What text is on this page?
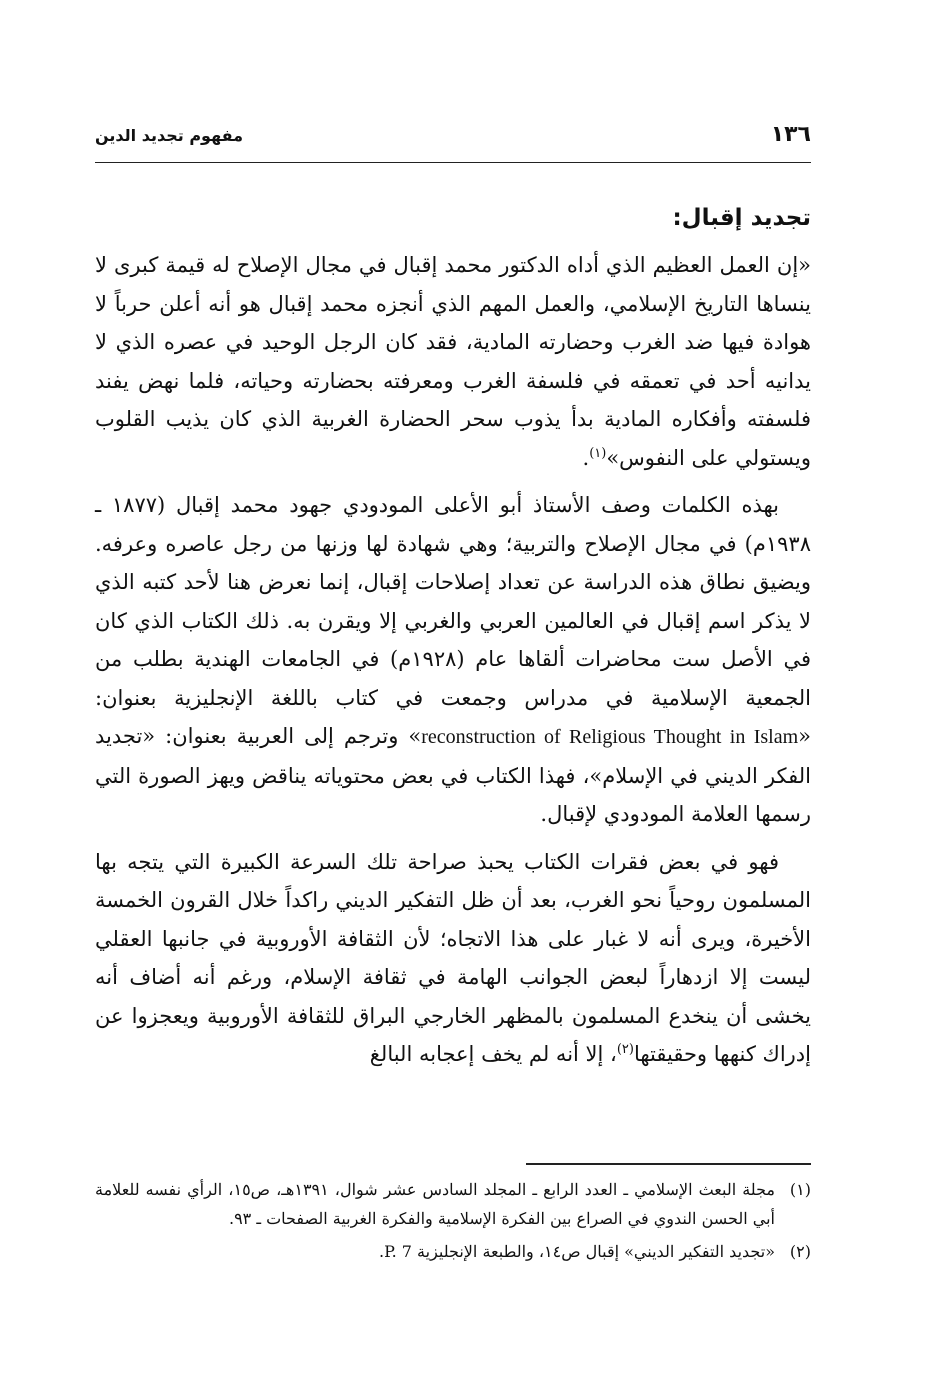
١٣٦
مفهوم تجديد الدين
تجديد إقبال:

«إن العمل العظيم الذي أداه الدكتور محمد إقبال في مجال الإصلاح له قيمة كبرى لا ينساها التاريخ الإسلامي، والعمل المهم الذي أنجزه محمد إقبال هو أنه أعلن حرباً لا هوادة فيها ضد الغرب وحضارته المادية، فقد كان الرجل الوحيد في عصره الذي لا يدانيه أحد في تعمقه في فلسفة الغرب ومعرفته بحضارته وحياته، فلما نهض يفند فلسفته وأفكاره المادية بدأ يذوب سحر الحضارة الغربية الذي كان يذيب القلوب ويستولي على النفوس»$^{(١)}$.

بهذه الكلمات وصف الأستاذ أبو الأعلى المودودي جهود محمد إقبال (١٨٧٧ ـ ١٩٣٨م) في مجال الإصلاح والتربية؛ وهي شهادة لها وزنها من رجل عاصره وعرفه. ويضيق نطاق هذه الدراسة عن تعداد إصلاحات إقبال، إنما نعرض هنا لأحد كتبه الذي لا يذكر اسم إقبال في العالمين العربي والغربي إلا ويقرن به. ذلك الكتاب الذي كان في الأصل ست محاضرات ألقاها عام (١٩٢٨م) في الجامعات الهندية بطلب من الجمعية الإسلامية في مدراس وجمعت في كتاب باللغة الإنجليزية بعنوان: «reconstruction of Religious Thought in Islam» وترجم إلى العربية بعنوان: «تجديد الفكر الديني في الإسلام»، فهذا الكتاب في بعض محتوياته يناقض ويهز الصورة التي رسمها العلامة المودودي لإقبال.

فهو في بعض فقرات الكتاب يحبذ صراحة تلك السرعة الكبيرة التي يتجه بها المسلمون روحياً نحو الغرب، بعد أن ظل التفكير الديني راكداً خلال القرون الخمسة الأخيرة، ويرى أنه لا غبار على هذا الاتجاه؛ لأن الثقافة الأوروبية في جانبها العقلي ليست إلا ازدهاراً لبعض الجوانب الهامة في ثقافة الإسلام، ورغم أنه أضاف أنه يخشى أن ينخدع المسلمون بالمظهر الخارجي البراق للثقافة الأوروبية ويعجزوا عن إدراك كنهها وحقيقتها$^{(٢)}$، إلا أنه لم يخف إعجابه البالغ

(١)
مجلة البعث الإسلامي ـ العدد الرابع ـ المجلد السادس عشر شوال، ١٣٩١هـ، ص١٥، الرأي نفسه للعلامة أبي الحسن الندوي في الصراع بين الفكرة الإسلامية والفكرة الغربية الصفحات ـ ٩٣.
(٢)
«تجديد التفكير الديني» إقبال ص١٤، والطبعة الإنجليزية P. 7.
